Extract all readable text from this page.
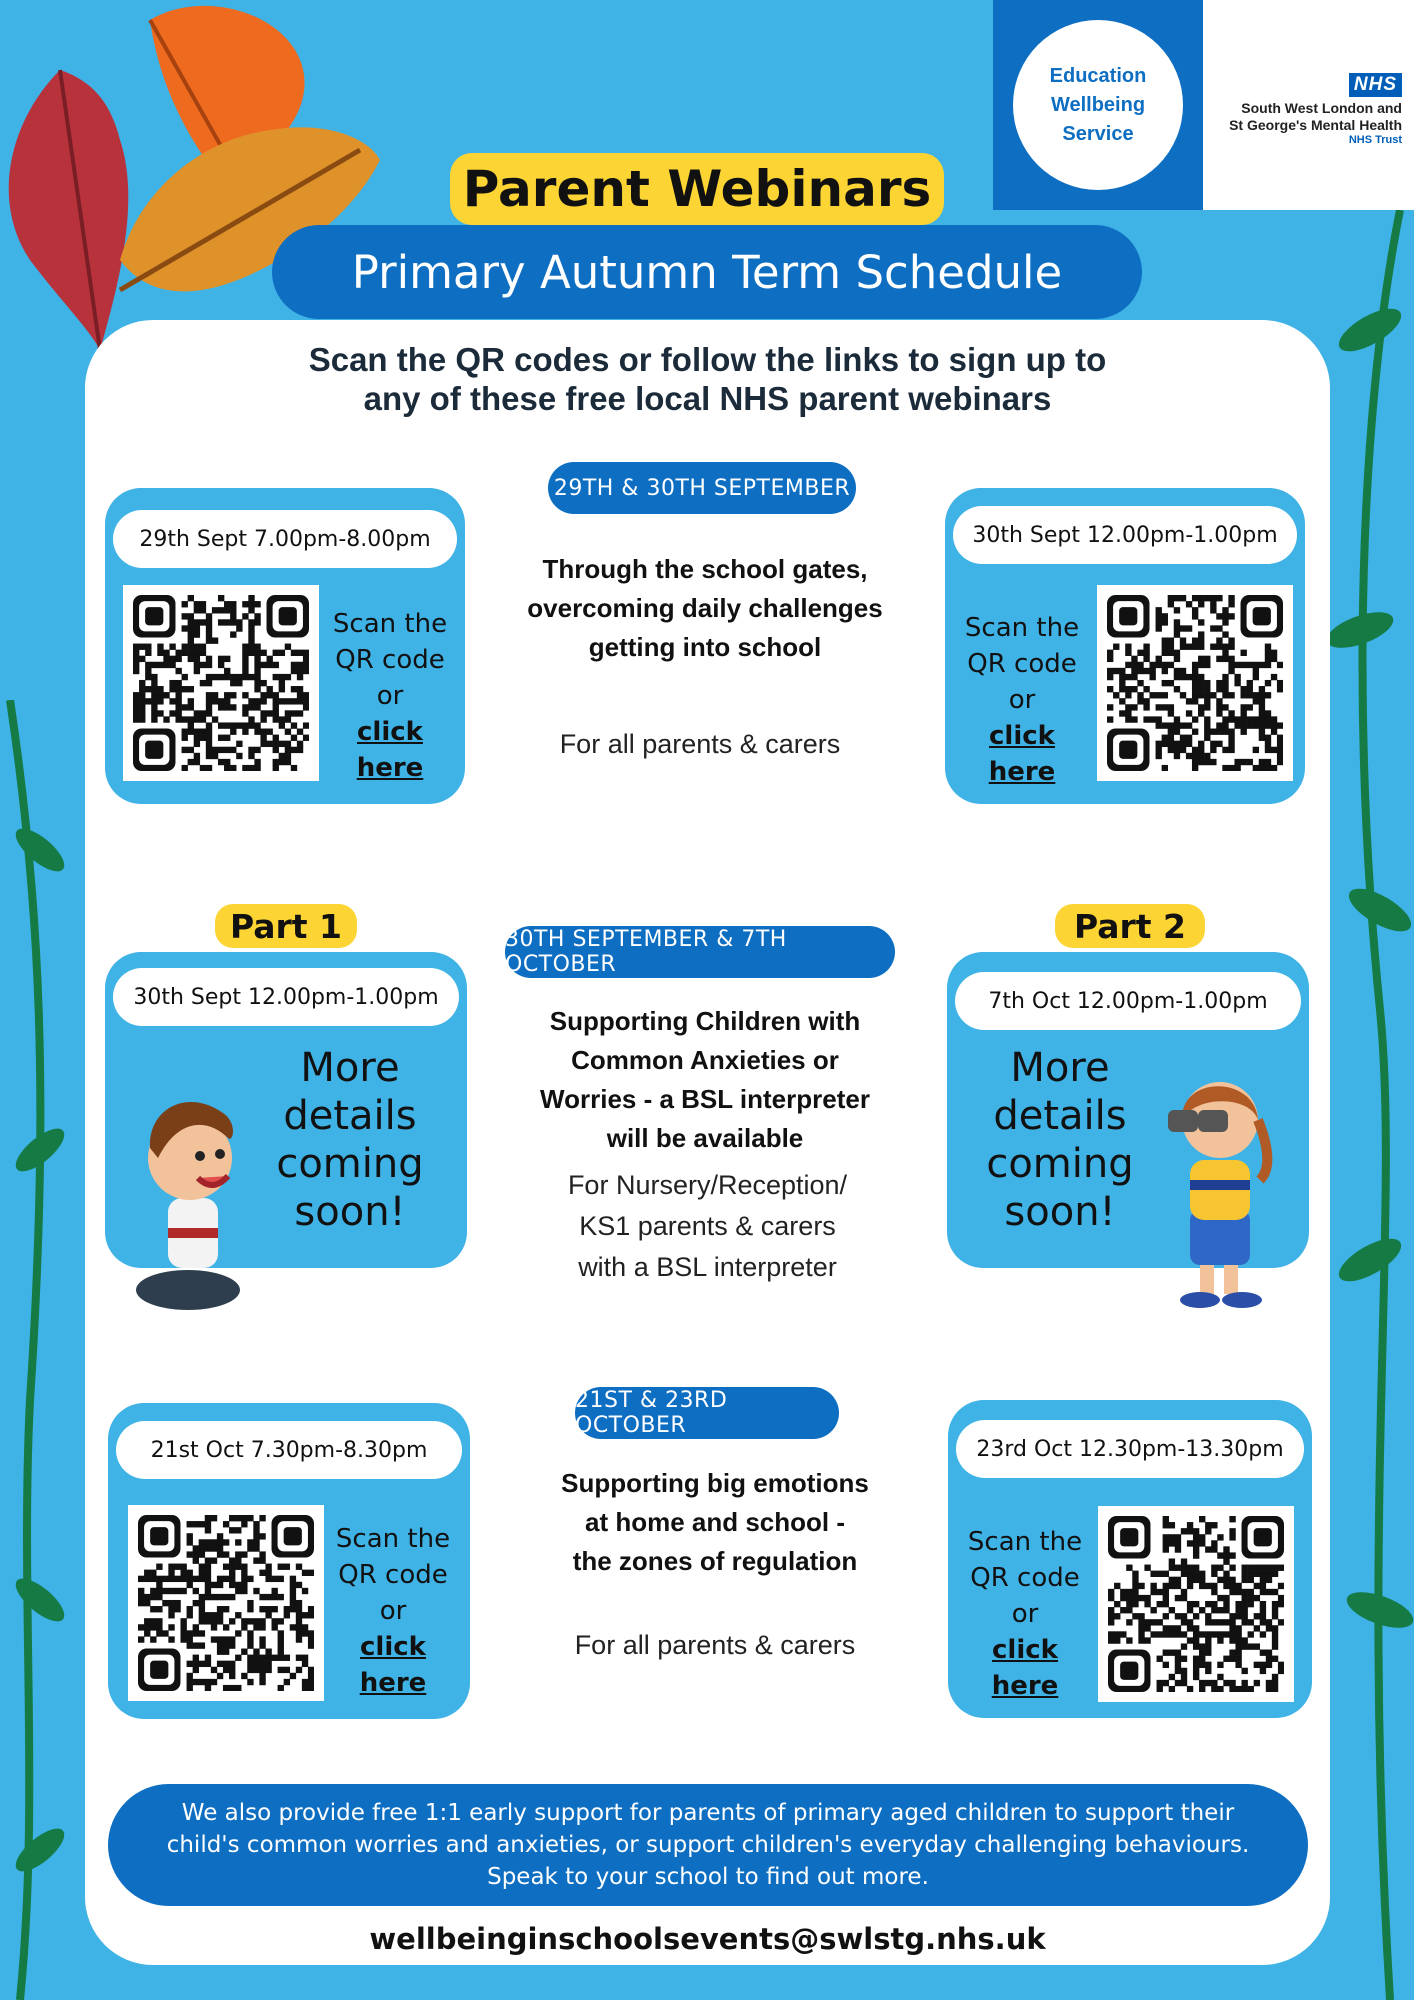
Education
Wellbeing
Service
NHS
South West London and
St George's Mental Health
NHS Trust
Parent Webinars
Primary Autumn Term Schedule
Scan the QR codes or follow the links to sign up to
any of these free local NHS parent webinars
29TH & 30TH SEPTEMBER
29th Sept 7.00pm-8.00pm
Scan the
QR code
or
click here
Through the school gates,
overcoming daily challenges
getting into school
For all parents & carers
30th Sept 12.00pm-1.00pm
Scan the
QR code
or
click here
Part 1	Part 2
30TH SEPTEMBER & 7TH OCTOBER
30th Sept 12.00pm-1.00pm
More
details
coming
soon!
Supporting Children with
Common Anxieties or
Worries - a BSL interpreter
will be available
For Nursery/Reception/
KS1 parents & carers
with a BSL interpreter
7th Oct 12.00pm-1.00pm
More
details
coming
soon!
21ST & 23RD OCTOBER
21st Oct 7.30pm-8.30pm
Scan the
QR code
or
click here
Supporting big emotions
at home and school -
the zones of regulation
For all parents & carers
23rd Oct 12.30pm-13.30pm
Scan the
QR code
or
click here
We also provide free 1:1 early support for parents of primary aged children to support their
child's common worries and anxieties, or support children's everyday challenging behaviours.
Speak to your school to find out more.
wellbeinginschoolsevents@swlstg.nhs.uk
